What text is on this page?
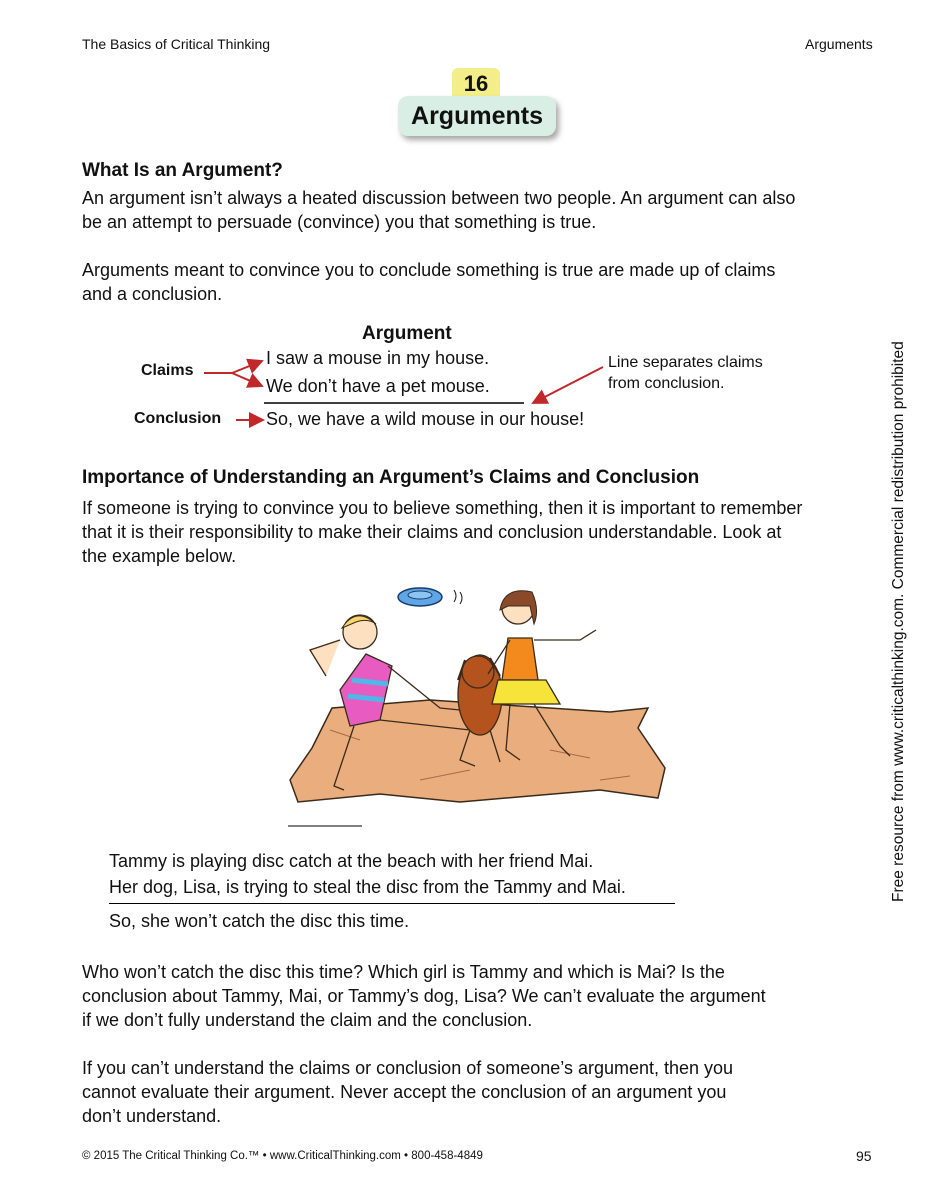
The Basics of Critical Thinking	Arguments
16
Arguments
What Is an Argument?
An argument isn’t always a heated discussion between two people. An argument can also
be an attempt to persuade (convince) you that something is true.
Arguments meant to convince you to conclude something is true are made up of claims
and a conclusion.
Argument
Claims
Conclusion
I saw a mouse in my house.
We don’t have a pet mouse.
So, we have a wild mouse in our house!
Line separates claims
from conclusion.
Importance of Understanding an Argument’s Claims and Conclusion
If someone is trying to convince you to believe something, then it is important to remember
that it is their responsibility to make their claims and conclusion understandable. Look at
the example below.
Tammy is playing disc catch at the beach with her friend Mai.
Her dog, Lisa, is trying to steal the disc from the Tammy and Mai.
So, she won’t catch the disc this time.
Who won’t catch the disc this time? Which girl is Tammy and which is Mai? Is the
conclusion about Tammy, Mai, or Tammy’s dog, Lisa? We can’t evaluate the argument
if we don’t fully understand the claim and the conclusion.
If you can’t understand the claims or conclusion of someone’s argument, then you
cannot evaluate their argument. Never accept the conclusion of an argument you
don’t understand.
Free resource from www.criticalthinking.com. Commercial redistribution prohibited
© 2015 The Critical Thinking Co.™ • www.CriticalThinking.com • 800-458-4849	95
